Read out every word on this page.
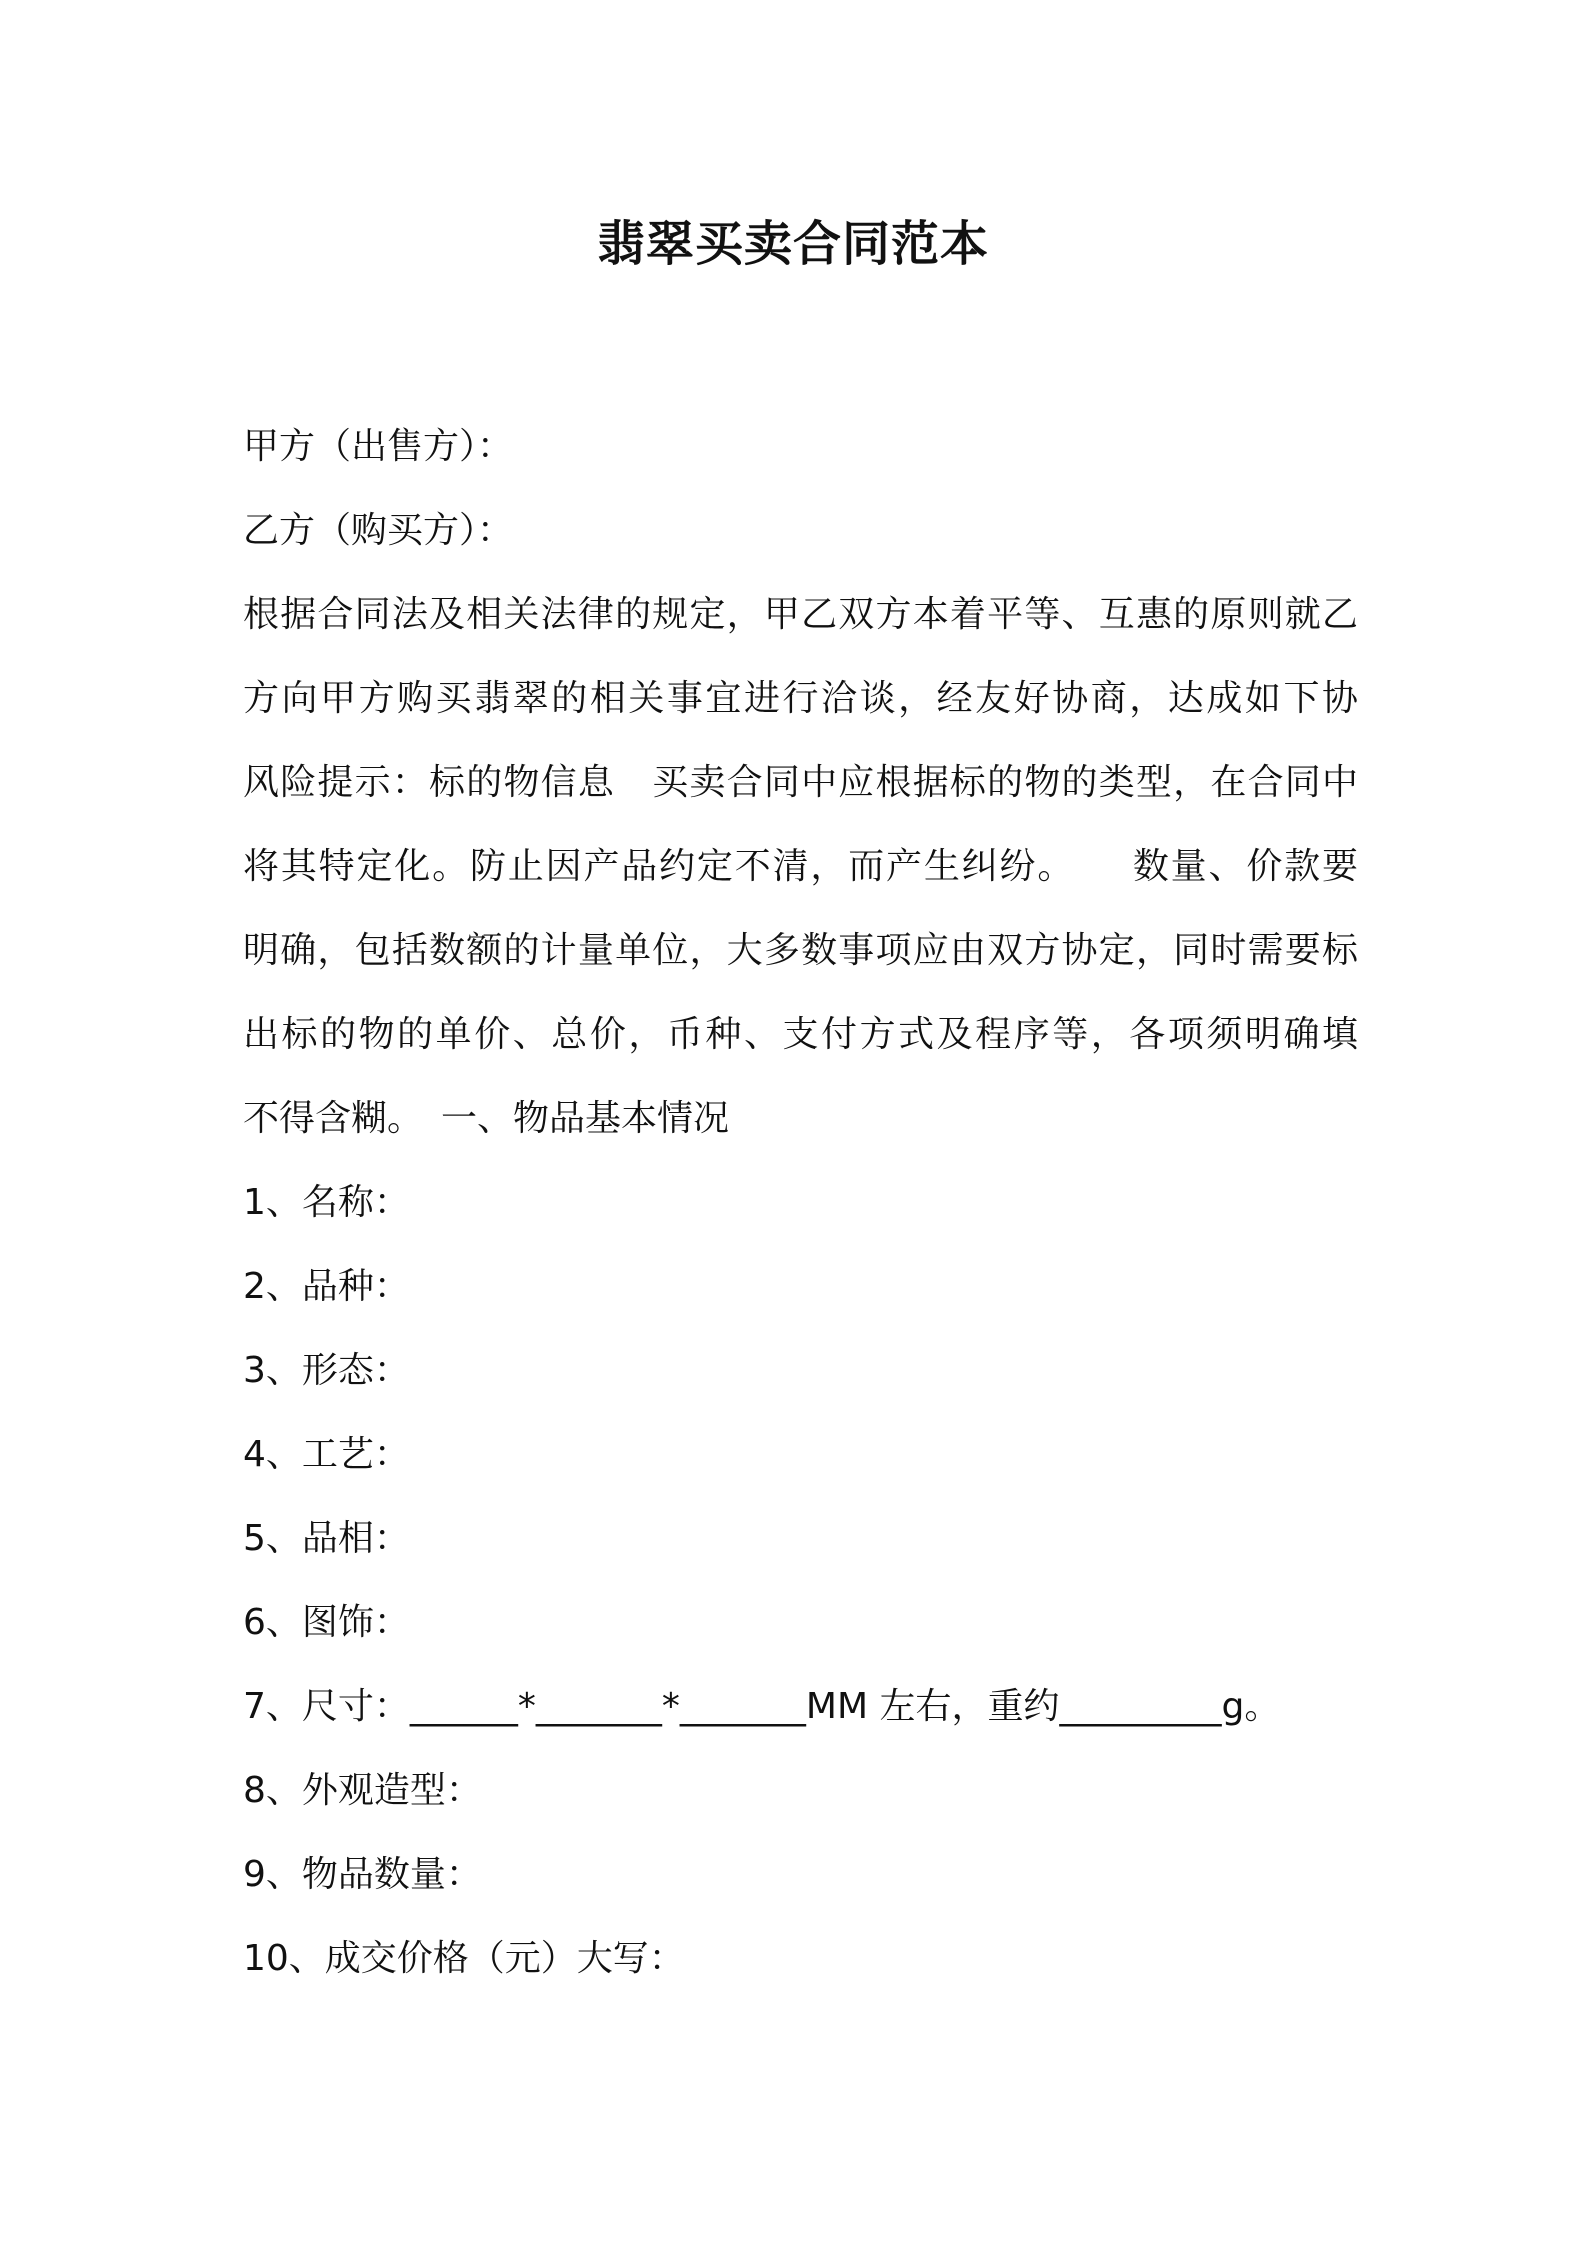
翡翠买卖合同范本
甲方（出售方）：
乙方（购买方）：
根据合同法及相关法律的规定，甲乙双方本着平等、互惠的原则就乙
方向甲方购买翡翠的相关事宜进行洽谈，经友好协商，达成如下协
风险提示：标的物信息　买卖合同中应根据标的物的类型，在合同中
将其特定化。防止因产品约定不清，而产生纠纷。　　数量、价款要
明确，包括数额的计量单位，大多数事项应由双方协定，同时需要标
出标的物的单价、总价，币种、支付方式及程序等，各项须明确填
不得含糊。　一、物品基本情况
1、名称：
2、品种：
3、形态：
4、工艺：
5、品相：
6、图饰：
7、尺寸：______*_______*_______MM 左右，重约_________g。
8、外观造型：
9、物品数量：
10、成交价格（元）大写：
